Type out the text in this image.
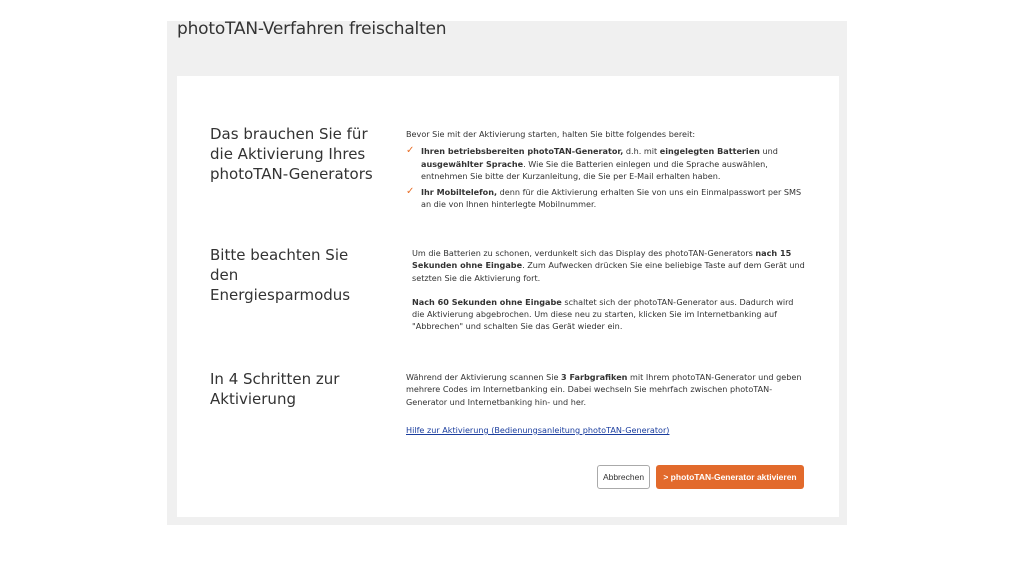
photoTAN-Verfahren freischalten
Das brauchen Sie für die Aktivierung Ihres photoTAN-Generators

Bevor Sie mit der Aktivierung starten, halten Sie bitte folgendes bereit:

✓ Ihren betriebsbereiten photoTAN-Generator, d.h. mit eingelegten Batterien und ausgewählter Sprache. Wie Sie die Batterien einlegen und die Sprache auswählen, entnehmen Sie bitte der Kurzanleitung, die Sie per E-Mail erhalten haben.
✓ Ihr Mobiltelefon, denn für die Aktivierung erhalten Sie von uns ein Einmalpasswort per SMS an die von Ihnen hinterlegte Mobilnummer.
Bitte beachten Sie den Energiesparmodus

Um die Batterien zu schonen, verdunkelt sich das Display des photoTAN-Generators nach 15 Sekunden ohne Eingabe. Zum Aufwecken drücken Sie eine beliebige Taste auf dem Gerät und setzten Sie die Aktivierung fort.

Nach 60 Sekunden ohne Eingabe schaltet sich der photoTAN-Generator aus. Dadurch wird die Aktivierung abgebrochen. Um diese neu zu starten, klicken Sie im Internetbanking auf "Abbrechen" und schalten Sie das Gerät wieder ein.

In 4 Schritten zur Aktivierung

Während der Aktivierung scannen Sie 3 Farbgrafiken mit Ihrem photoTAN-Generator und geben mehrere Codes im Internetbanking ein. Dabei wechseln Sie mehrfach zwischen photoTAN-Generator und Internetbanking hin- und her.

Hilfe zur Aktivierung (Bedienungsanleitung photoTAN-Generator)

Abbrechen	> photoTAN-Generator aktivieren
